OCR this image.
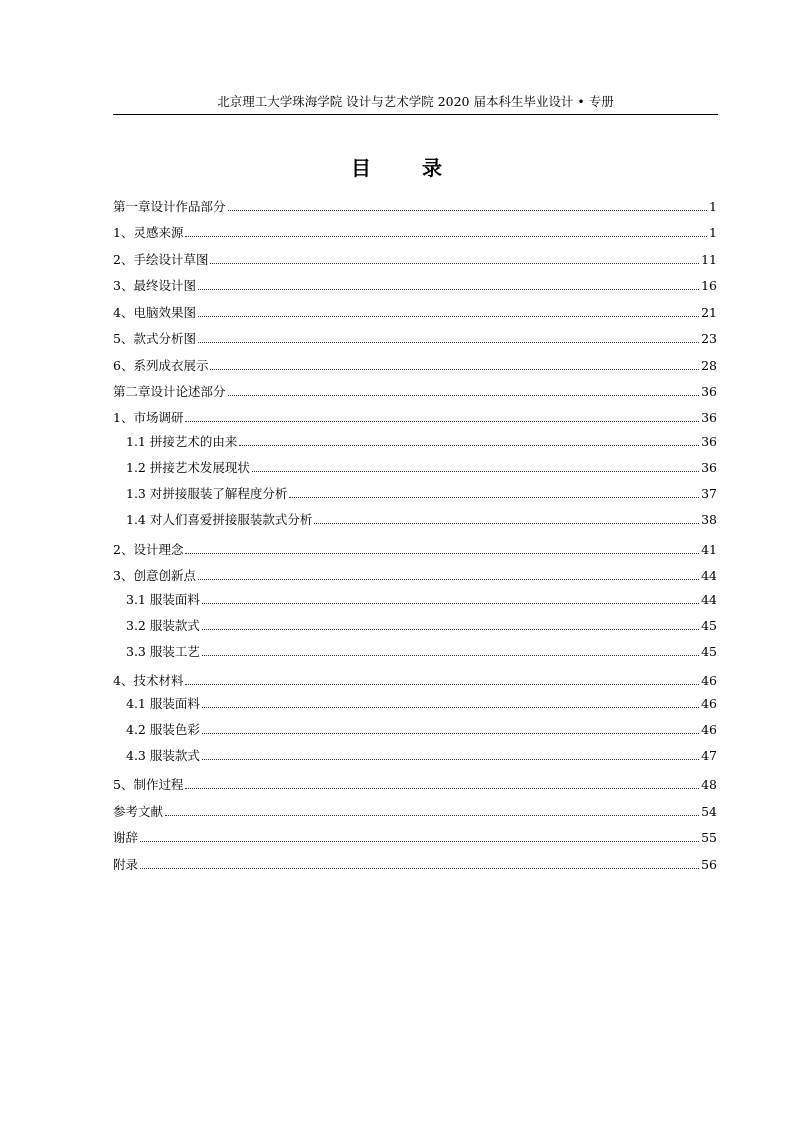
北京理工大学珠海学院 设计与艺术学院 2020 届本科生毕业设计 • 专册
目 录
第一章设计作品部分	1
1、灵感来源	1
2、手绘设计草图	11
3、最终设计图	16
4、电脑效果图	21
5、款式分析图	23
6、系列成衣展示	28
第二章设计论述部分	36
1、市场调研	36
1.1 拼接艺术的由来	36
1.2 拼接艺术发展现状	36
1.3 对拼接服装了解程度分析	37
1.4 对人们喜爱拼接服装款式分析	38
2、设计理念	41
3、创意创新点	44
3.1 服装面料	44
3.2 服装款式	45
3.3 服装工艺	45
4、技术材料	46
4.1 服装面料	46
4.2 服装色彩	46
4.3 服装款式	47
5、制作过程	48
参考文献	54
谢辞	55
附录	56
